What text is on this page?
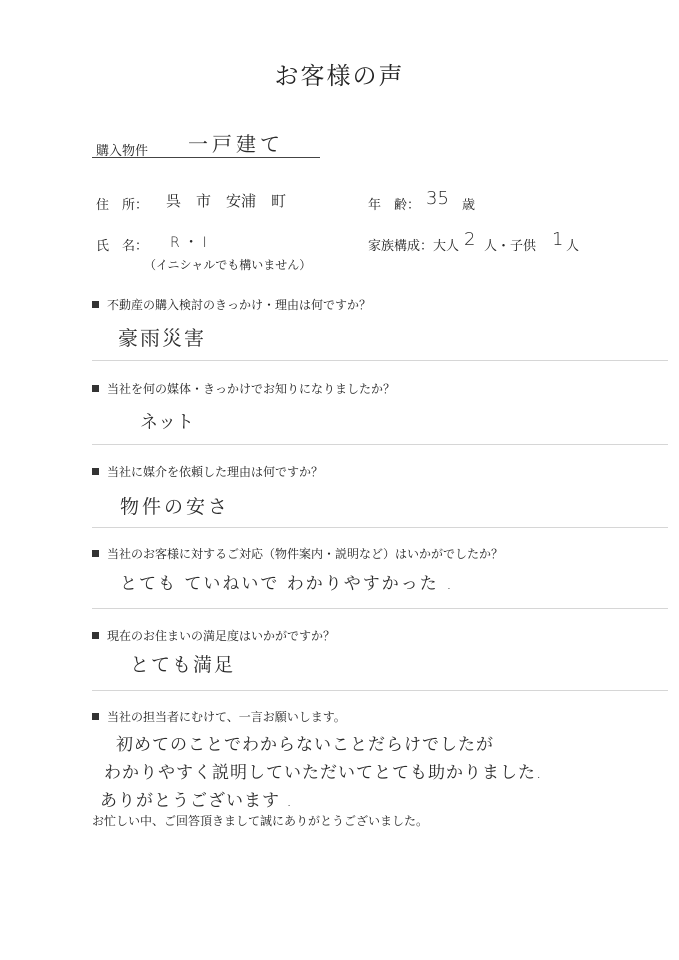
お客様の声
購入物件 一戸建て
住　所： 呉　市　安浦　町	年　齢： 35 歳
氏　名： R ・ I
（イニシャルでも構いません）
家族構成：大人 2 人・子供 1 人
不動産の購入検討のきっかけ・理由は何ですか？
豪雨災害
当社を何の媒体・きっかけでお知りになりましたか？
ネット
当社に媒介を依頼した理由は何ですか？
物件の安さ
当社のお客様に対するご対応（物件案内・説明など）はいかがでしたか？
とても ていねいで わかりやすかった .
現在のお住まいの満足度はいかがですか？
とても満足
当社の担当者にむけて、一言お願いします。
初めてのことでわからないことだらけでしたが
わかりやすく説明していただいてとても助かりました.
ありがとうございます .
お忙しい中、ご回答頂きまして誠にありがとうございました。
